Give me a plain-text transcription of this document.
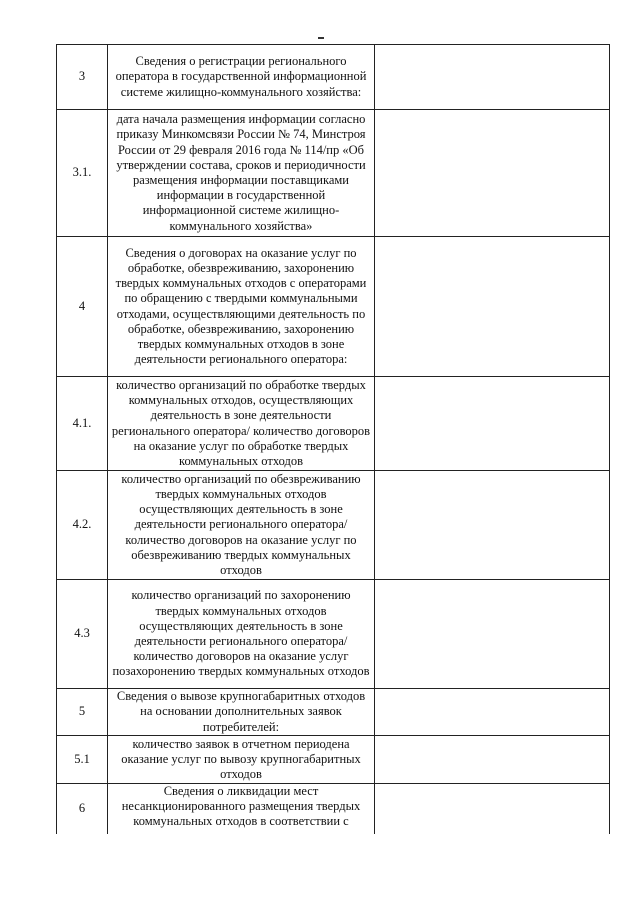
3	Сведения о регистрации регионального оператора в государственной информационной системе жилищно-коммунального хозяйства:	
3.1.	дата начала размещения информации согласно приказу Минкомсвязи России № 74, Минстроя России от 29 февраля 2016 года № 114/пр «Об утверждении состава, сроков и периодичности размещения информации поставщиками информации в государственной информационной системе жилищно-коммунального хозяйства»	
4	Сведения о договорах на оказание услуг по обработке, обезвреживанию, захоронению твердых коммунальных отходов с операторами по обращению с твердыми коммунальными отходами, осуществляющими деятельность по обработке, обезвреживанию, захоронению твердых коммунальных отходов в зоне деятельности регионального оператора:	
4.1.	количество организаций по обработке твердых коммунальных отходов, осуществляющих деятельность в зоне деятельности регионального оператора/ количество договоров на оказание услуг по обработке твердых коммунальных отходов	
4.2.	количество организаций по обезвреживанию твердых коммунальных отходов осуществляющих деятельность в зоне деятельности регионального оператора/ количество договоров на оказание услуг по обезвреживанию твердых коммунальных отходов	
4.3	количество организаций по захоронению твердых коммунальных отходов осуществляющих деятельность в зоне деятельности регионального оператора/ количество договоров на оказание услуг позахоронению твердых коммунальных отходов	
5	Сведения о вывозе крупногабаритных отходов на основании дополнительных заявок потребителей:	
5.1	количество заявок в отчетном периодена оказание услуг по вывозу крупногабаритных отходов	
6	Сведения о ликвидации мест несанкционированного размещения твердых коммунальных отходов в соответствии с	
